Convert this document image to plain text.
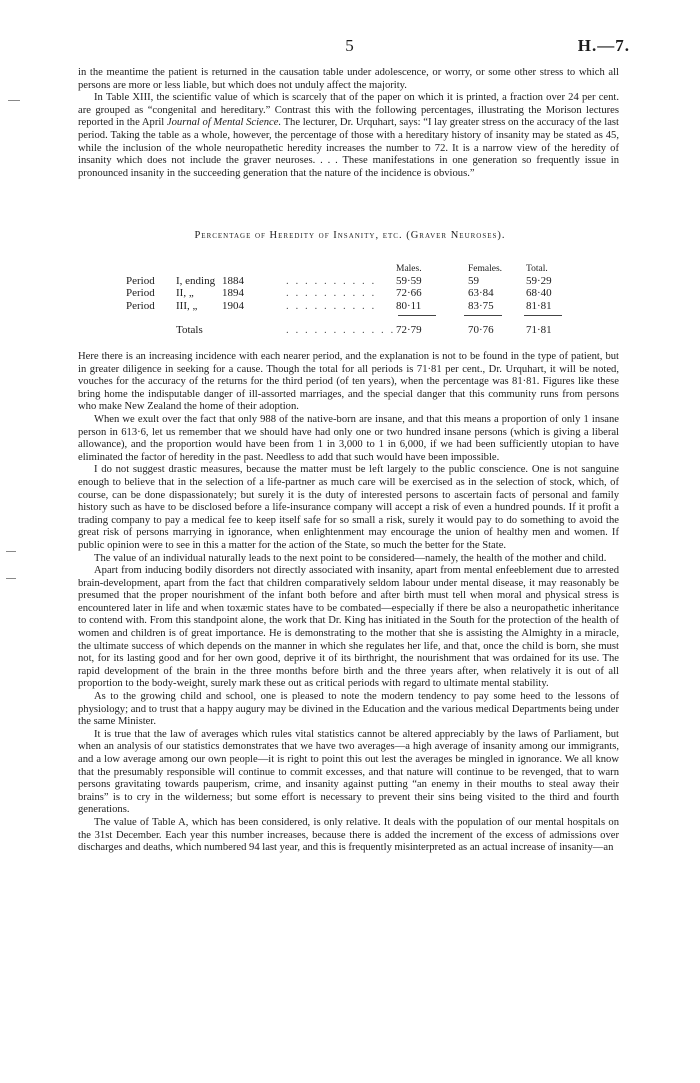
5	H.—7.

in the meantime the patient is returned in the causation table under adolescence, or worry, or some other stress to which all persons are more or less liable, but which does not unduly affect the majority.

In Table XIII, the scientific value of which is scarcely that of the paper on which it is printed, a fraction over 24 per cent. are grouped as “congenital and hereditary.” Contrast this with the following percentages, illustrating the Morison lectures reported in the April Journal of Mental Science. The lecturer, Dr. Urquhart, says: “I lay greater stress on the accuracy of the last period. Taking the table as a whole, however, the percentage of those with a hereditary history of insanity may be stated as 45, while the inclusion of the whole neuropathetic heredity increases the number to 72. It is a narrow view of the heredity of insanity which does not include the graver neuroses. . . . These manifestations in one generation so frequently issue in pronounced insanity in the succeeding generation that the nature of the incidence is obvious.”

Percentage of Heredity of Insanity, etc. (Graver Neuroses).
Males.	Females.	Total.
Period	I, ending 1884	. . . . . . . . . .	59·59	59	59·29
Period	II, „	1894	. . . . . . . . . .	72·66	63·84	68·40
Period	III, „	1904	. . . . . . . . . .	80·11	83·75	81·81
Totals	. . . . . . . . . . . . 72·79	70·76	71·81

Here there is an increasing incidence with each nearer period, and the explanation is not to be found in the type of patient, but in greater diligence in seeking for a cause. Though the total for all periods is 71·81 per cent., Dr. Urquhart, it will be noted, vouches for the accuracy of the returns for the third period (of ten years), when the percentage was 81·81. Figures like these bring home the indisputable danger of ill-assorted marriages, and the special danger that this community runs from persons who make New Zealand the home of their adoption.

When we exult over the fact that only 988 of the native-born are insane, and that this means a proportion of only 1 insane person in 613·6, let us remember that we should have had only one or two hundred insane persons (which is giving a liberal allowance), and the proportion would have been from 1 in 3,000 to 1 in 6,000, if we had been sufficiently utopian to have eliminated the factor of heredity in the past. Needless to add that such would have been impossible.

I do not suggest drastic measures, because the matter must be left largely to the public conscience. One is not sanguine enough to believe that in the selection of a life-partner as much care will be exercised as in the selection of stock, which, of course, can be done dispassionately; but surely it is the duty of interested persons to ascertain facts of personal and family history such as have to be disclosed before a life-insurance company will accept a risk of even a hundred pounds. If it profit a trading company to pay a medical fee to keep itself safe for so small a risk, surely it would pay to do something to avoid the great risk of persons marrying in ignorance, when enlightenment may encourage the union of healthy men and women. If public opinion were to see in this a matter for the action of the State, so much the better for the State.

The value of an individual naturally leads to the next point to be considered—namely, the health of the mother and child.

Apart from inducing bodily disorders not directly associated with insanity, apart from mental enfeeblement due to arrested brain-development, apart from the fact that children comparatively seldom labour under mental disease, it may reasonably be presumed that the proper nourishment of the infant both before and after birth must tell when moral and physical stress is encountered later in life and when toxæmic states have to be combated—especially if there be also a neuropathetic inheritance to contend with. From this standpoint alone, the work that Dr. King has initiated in the South for the protection of the health of women and children is of great importance. He is demonstrating to the mother that she is assisting the Almighty in a miracle, the ultimate success of which depends on the manner in which she regulates her life, and that, once the child is born, she must not, for its lasting good and for her own good, deprive it of its birthright, the nourishment that was ordained for its use. The rapid development of the brain in the three months before birth and the three years after, when relatively it is out of all proportion to the body-weight, surely mark these out as critical periods with regard to ultimate mental stability.

As to the growing child and school, one is pleased to note the modern tendency to pay some heed to the lessons of physiology; and to trust that a happy augury may be divined in the Education and the various medical Departments being under the same Minister.

It is true that the law of averages which rules vital statistics cannot be altered appreciably by the laws of Parliament, but when an analysis of our statistics demonstrates that we have two averages—a high average of insanity among our immigrants, and a low average among our own people—it is right to point this out lest the averages be mingled in ignorance. We all know that the presumably responsible will continue to commit excesses, and that nature will continue to be revenged, that to warn persons gravitating towards pauperism, crime, and insanity against putting “an enemy in their mouths to steal away their brains” is to cry in the wilderness; but some effort is necessary to prevent their sins being visited to the third and fourth generations.

The value of Table A, which has been considered, is only relative. It deals with the population of our mental hospitals on the 31st December. Each year this number increases, because there is added the increment of the excess of admissions over discharges and deaths, which numbered 94 last year, and this is frequently misinterpreted as an actual increase of insanity—an
